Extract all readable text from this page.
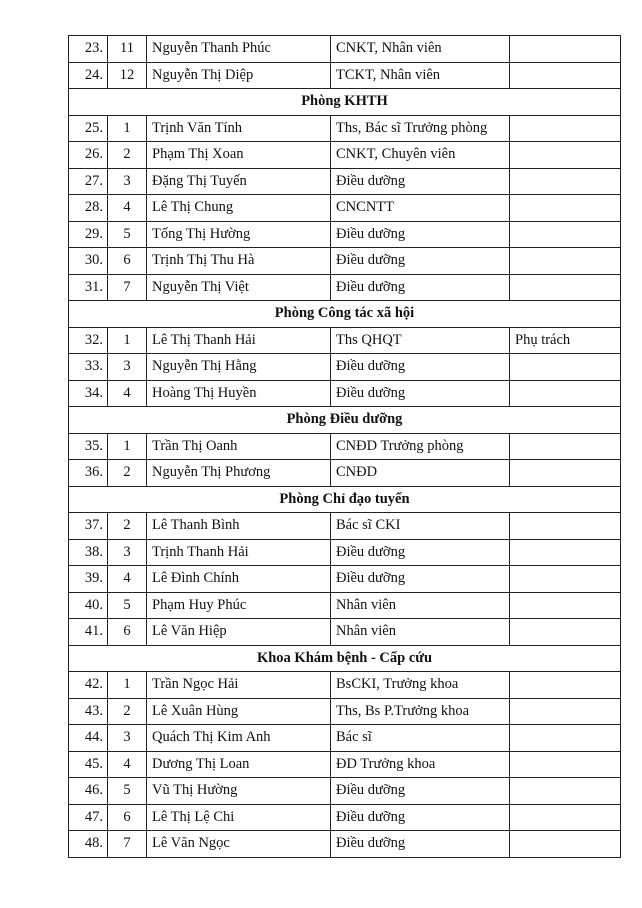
23.	11	Nguyễn Thanh Phúc	CNKT, Nhân viên	
24.	12	Nguyễn Thị Diệp	TCKT, Nhân viên	
Phòng KHTH				
25.	1	Trịnh Văn Tính	Ths, Bác sĩ Trưởng phòng	
26.	2	Phạm Thị Xoan	CNKT, Chuyên viên	
27.	3	Đặng Thị Tuyến	Điều dưỡng	
28.	4	Lê Thị Chung	CNCNTT	
29.	5	Tống Thị Hường	Điều dưỡng	
30.	6	Trịnh Thị Thu Hà	Điều dưỡng	
31.	7	Nguyễn Thị Việt	Điều dưỡng	
Phòng Công tác xã hội				
32.	1	Lê Thị Thanh Hải	Ths QHQT	Phụ trách
33.	3	Nguyễn Thị Hằng	Điều dưỡng	
34.	4	Hoàng Thị Huyền	Điều dưỡng	
Phòng Điều dưỡng				
35.	1	Trần Thị Oanh	CNĐD Trưởng phòng	
36.	2	Nguyễn Thị Phương	CNĐD	
Phòng Chỉ đạo tuyến				
37.	2	Lê Thanh Bình	Bác sĩ CKI	
38.	3	Trịnh Thanh Hải	Điều dưỡng	
39.	4	Lê Đình Chính	Điều dưỡng	
40.	5	Phạm Huy Phúc	Nhân viên	
41.	6	Lê Văn Hiệp	Nhân viên	
Khoa Khám bệnh - Cấp cứu				
42.	1	Trần Ngọc Hải	BsCKI, Trưởng khoa	
43.	2	Lê Xuân Hùng	Ths, Bs P.Trưởng khoa	
44.	3	Quách Thị Kim Anh	Bác sĩ	
45.	4	Dương Thị Loan	ĐD Trưởng khoa	
46.	5	Vũ Thị Hường	Điều dưỡng	
47.	6	Lê Thị Lệ Chi	Điều dưỡng	
48.	7	Lê Văn Ngọc	Điều dưỡng	
